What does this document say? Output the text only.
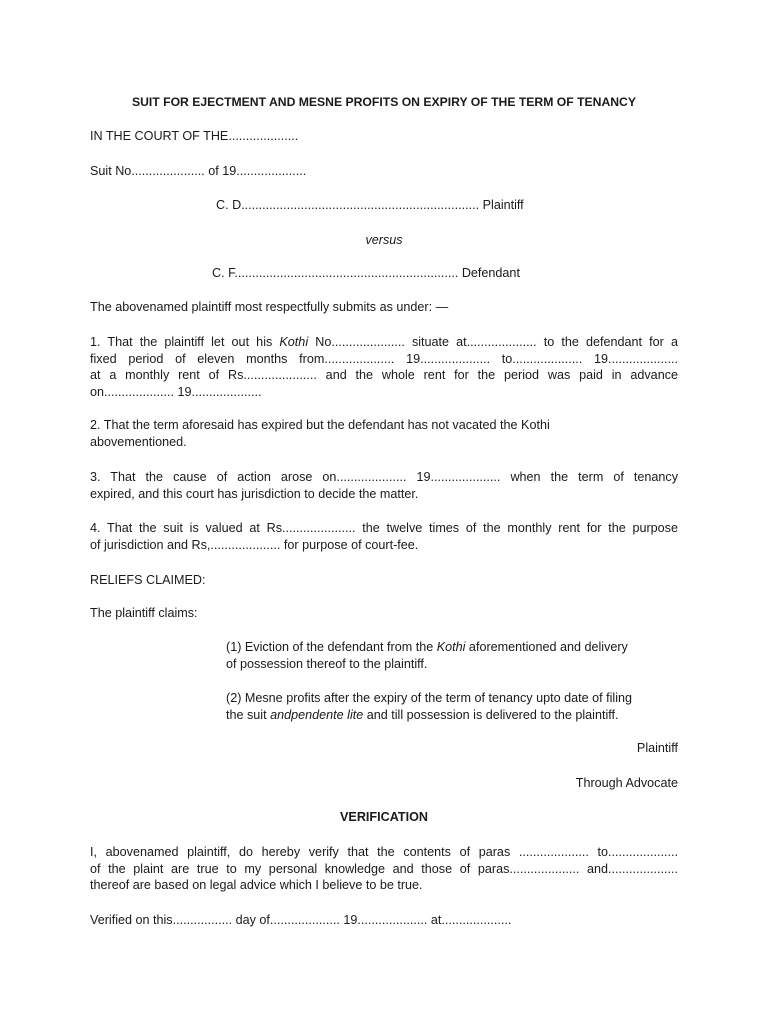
SUIT FOR EJECTMENT AND MESNE PROFITS ON EXPIRY OF THE TERM OF TENANCY
IN THE COURT OF THE....................
Suit No..................... of 19....................
C. D.................................................................... Plaintiff
versus
C. F................................................................ Defendant
The abovenamed plaintiff most respectfully submits as under: —
1. That the plaintiff let out his Kothi No..................... situate at.................... to the defendant for a
fixed period of eleven months from.................... 19.................... to.................... 19....................
at a monthly rent of Rs..................... and the whole rent for the period was paid in advance
on.................... 19....................
2. That the term aforesaid has expired but the defendant has not vacated the Kothi
abovementioned.
3. That the cause of action arose on.................... 19.................... when the term of tenancy
expired, and this court has jurisdiction to decide the matter.
4. That the suit is valued at Rs..................... the twelve times of the monthly rent for the purpose
of jurisdiction and Rs,.................... for purpose of court-fee.
RELIEFS CLAIMED:
The plaintiff claims:
(1) Eviction of the defendant from the Kothi aforementioned and delivery
of possession thereof to the plaintiff.
(2) Mesne profits after the expiry of the term of tenancy upto date of filing
the suit andpendente lite and till possession is delivered to the plaintiff.
Plaintiff
Through Advocate
VERIFICATION
I, abovenamed plaintiff, do hereby verify that the contents of paras .................... to....................
of the plaint are true to my personal knowledge and those of paras.................... and....................
thereof are based on legal advice which I believe to be true.
Verified on this................. day of.................... 19.................... at....................
